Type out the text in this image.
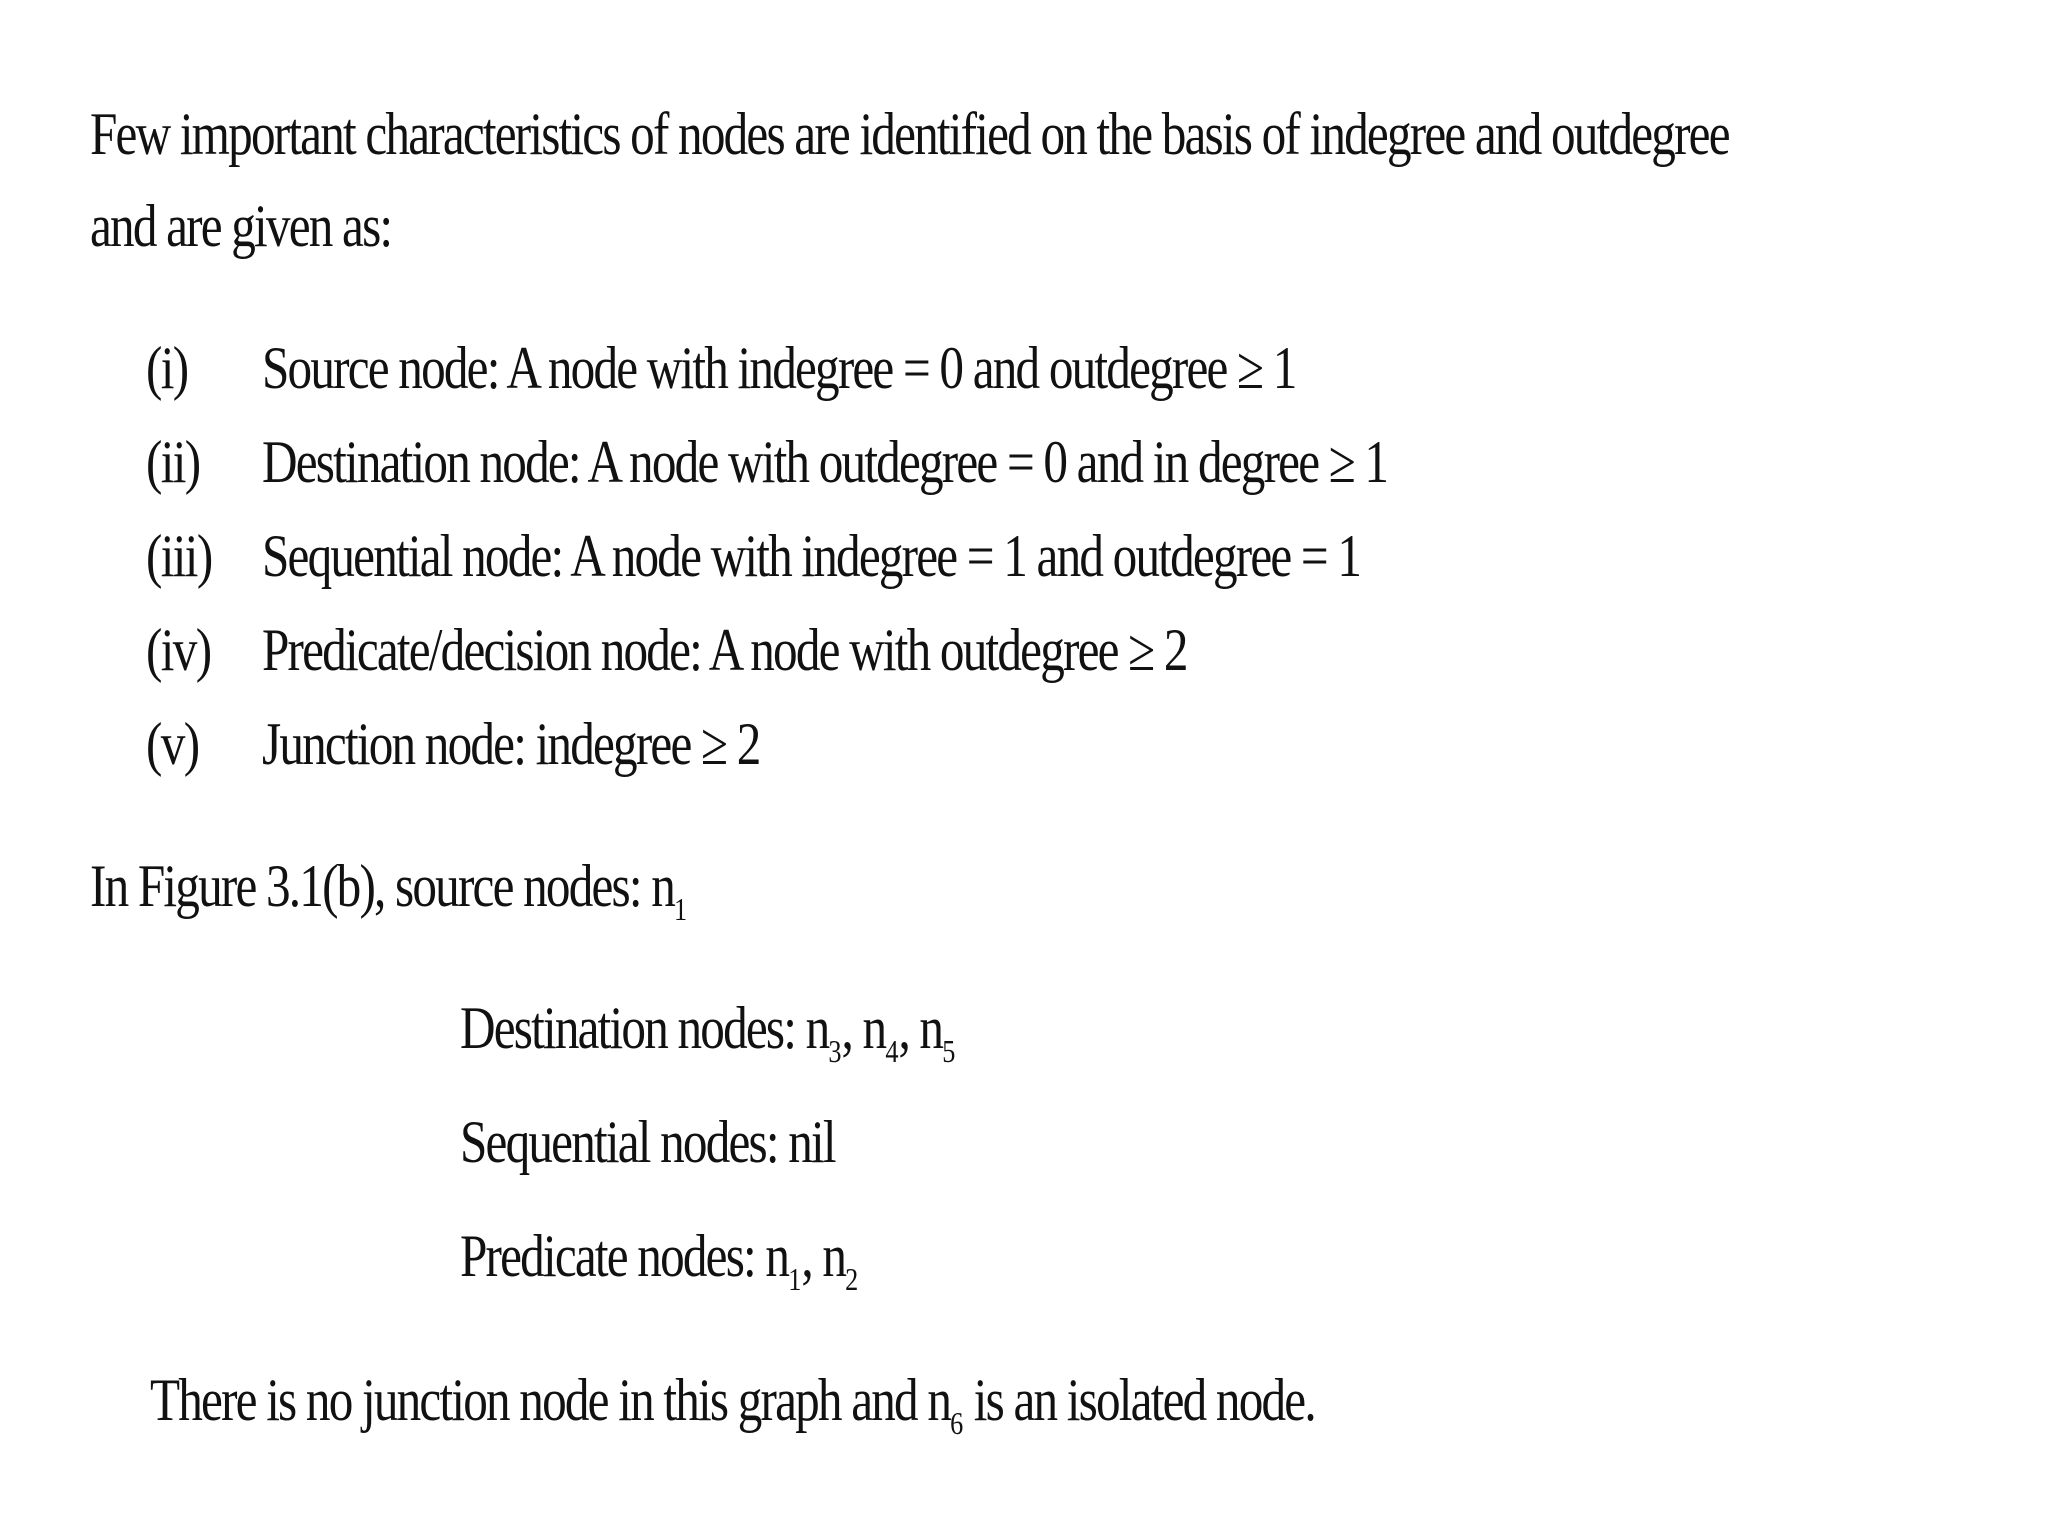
Few important characteristics of nodes are identified on the basis of indegree and outdegree
and are given as:
(i) Source node: A node with indegree = 0 and outdegree ≥ 1
(ii) Destination node: A node with outdegree = 0 and in degree ≥ 1
(iii) Sequential node: A node with indegree = 1 and outdegree = 1
(iv) Predicate/decision node: A node with outdegree ≥ 2
(v) Junction node: indegree ≥ 2
In Figure 3.1(b), source nodes: $n_1$
Destination nodes: $n_3$, $n_4$, $n_5$
Sequential nodes: nil
Predicate nodes: $n_1$, $n_2$
There is no junction node in this graph and $n_6$ is an isolated node.
